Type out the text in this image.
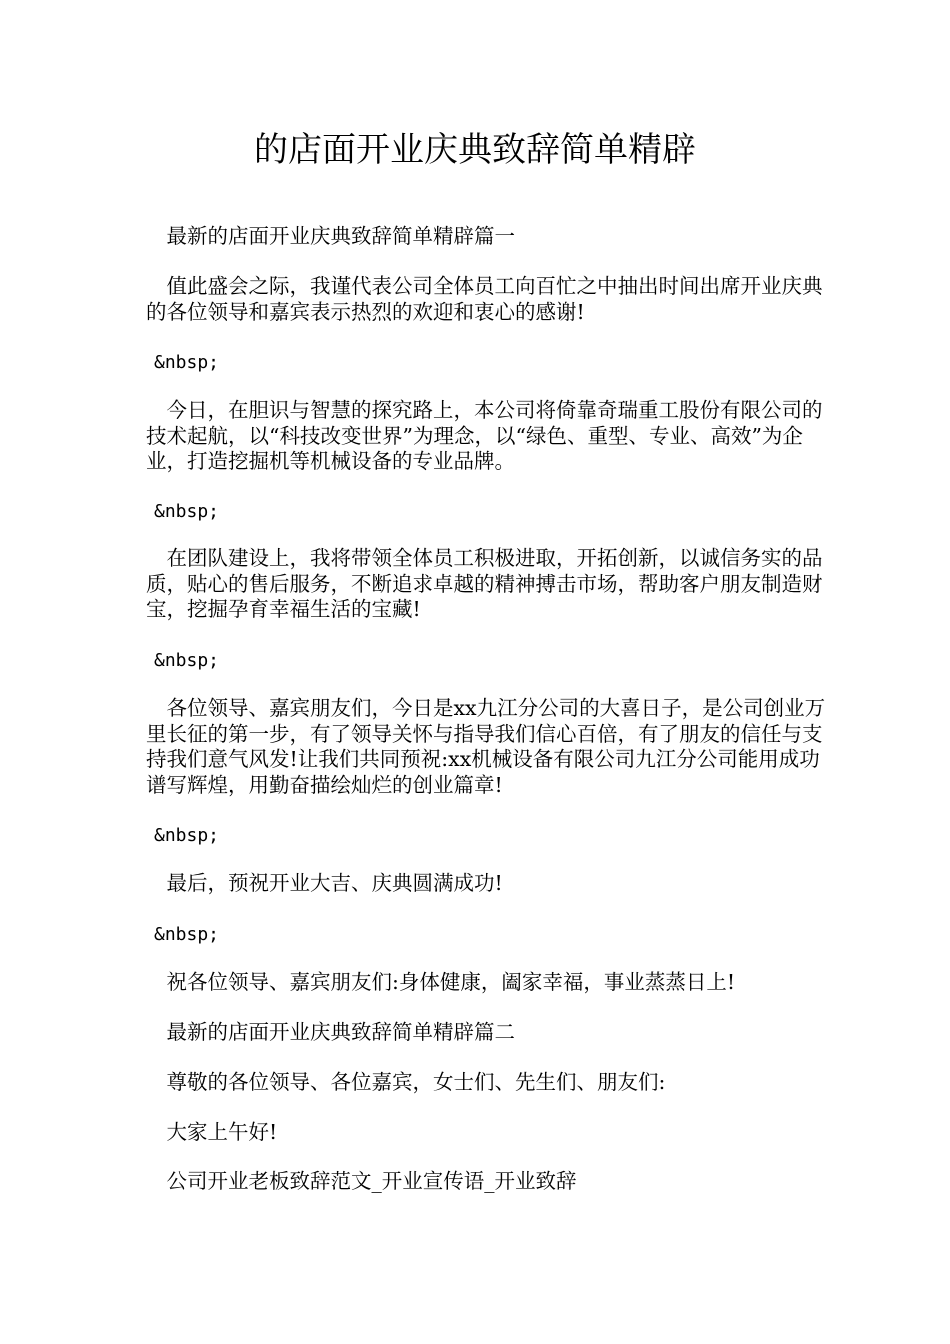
的店面开业庆典致辞简单精辟
　最新的店面开业庆典致辞简单精辟篇一
　值此盛会之际，我谨代表公司全体员工向百忙之中抽出时间出席开业庆典的各位领导和嘉宾表示热烈的欢迎和衷心的感谢!
&nbsp;
　今日，在胆识与智慧的探究路上，本公司将倚靠奇瑞重工股份有限公司的技术起航，以“科技改变世界”为理念，以“绿色、重型、专业、高效”为企业，打造挖掘机等机械设备的专业品牌。
&nbsp;
　在团队建设上，我将带领全体员工积极进取，开拓创新，以诚信务实的品质，贴心的售后服务，不断追求卓越的精神搏击市场，帮助客户朋友制造财宝，挖掘孕育幸福生活的宝藏!
&nbsp;
　各位领导、嘉宾朋友们，今日是xx九江分公司的大喜日子，是公司创业万里长征的第一步，有了领导关怀与指导我们信心百倍，有了朋友的信任与支持我们意气风发!让我们共同预祝:xx机械设备有限公司九江分公司能用成功谱写辉煌，用勤奋描绘灿烂的创业篇章!
&nbsp;
　最后，预祝开业大吉、庆典圆满成功!
&nbsp;
　祝各位领导、嘉宾朋友们:身体健康，阖家幸福，事业蒸蒸日上!
　最新的店面开业庆典致辞简单精辟篇二
　尊敬的各位领导、各位嘉宾，女士们、先生们、朋友们:
　大家上午好!
　公司开业老板致辞范文_开业宣传语_开业致辞
